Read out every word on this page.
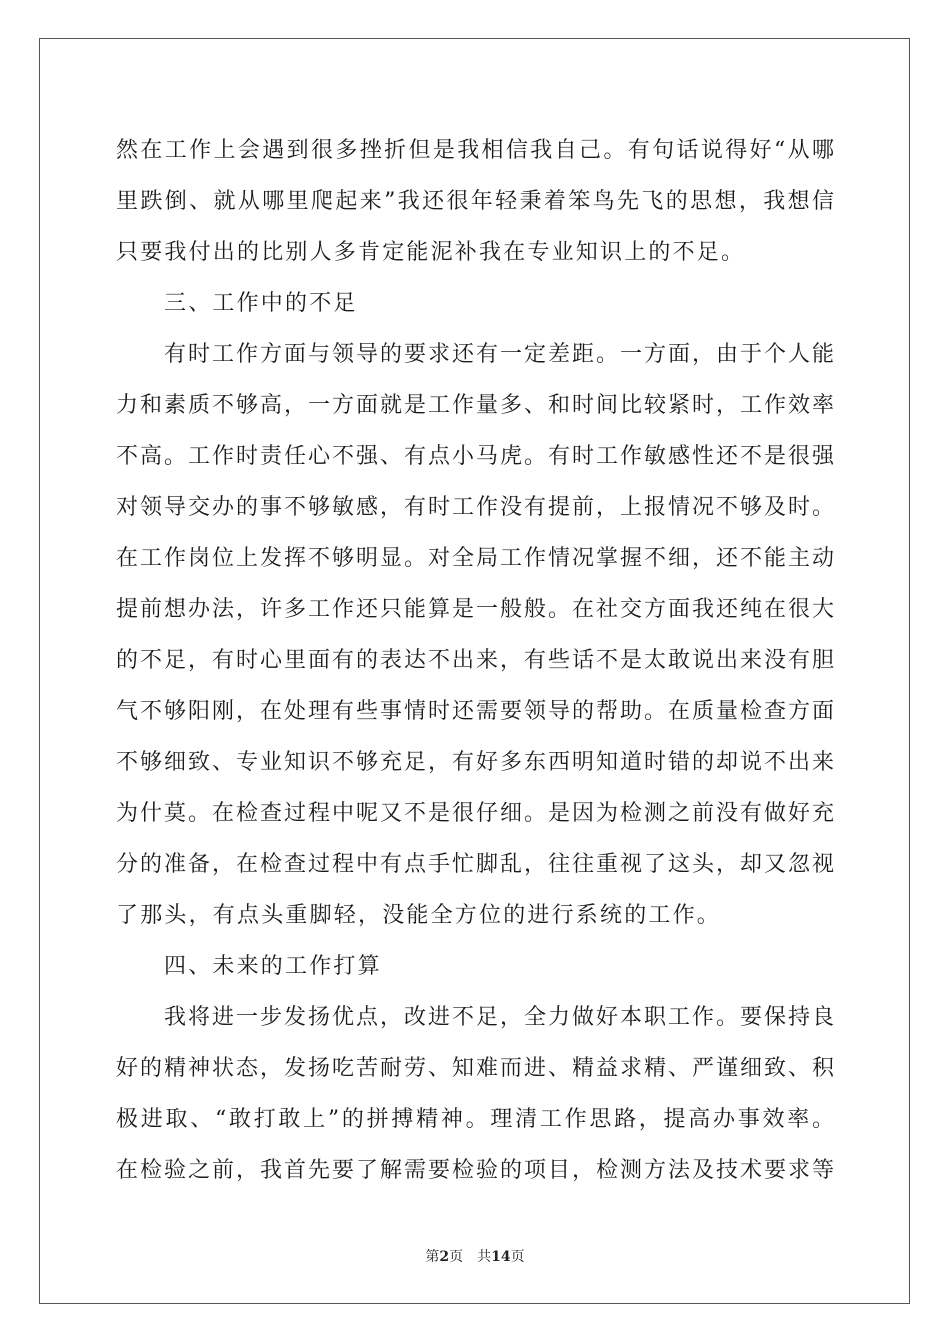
然在工作上会遇到很多挫折但是我相信我自己。有句话说得好“从哪
里跌倒、就从哪里爬起来”我还很年轻秉着笨鸟先飞的思想，我想信
只要我付出的比别人多肯定能泥补我在专业知识上的不足。
三、工作中的不足
有时工作方面与领导的要求还有一定差距。一方面，由于个人能
力和素质不够高，一方面就是工作量多、和时间比较紧时，工作效率
不高。工作时责任心不强、有点小马虎。有时工作敏感性还不是很强
对领导交办的事不够敏感，有时工作没有提前，上报情况不够及时。
在工作岗位上发挥不够明显。对全局工作情况掌握不细，还不能主动
提前想办法，许多工作还只能算是一般般。在社交方面我还纯在很大
的不足，有时心里面有的表达不出来，有些话不是太敢说出来没有胆
气不够阳刚，在处理有些事情时还需要领导的帮助。在质量检查方面
不够细致、专业知识不够充足，有好多东西明知道时错的却说不出来
为什莫。在检查过程中呢又不是很仔细。是因为检测之前没有做好充
分的准备，在检查过程中有点手忙脚乱，往往重视了这头，却又忽视
了那头，有点头重脚轻，没能全方位的进行系统的工作。
四、未来的工作打算
我将进一步发扬优点，改进不足，全力做好本职工作。要保持良
好的精神状态，发扬吃苦耐劳、知难而进、精益求精、严谨细致、积
极进取、“敢打敢上”的拼搏精神。理清工作思路，提高办事效率。
在检验之前，我首先要了解需要检验的项目，检测方法及技术要求等
第2页 共14页
